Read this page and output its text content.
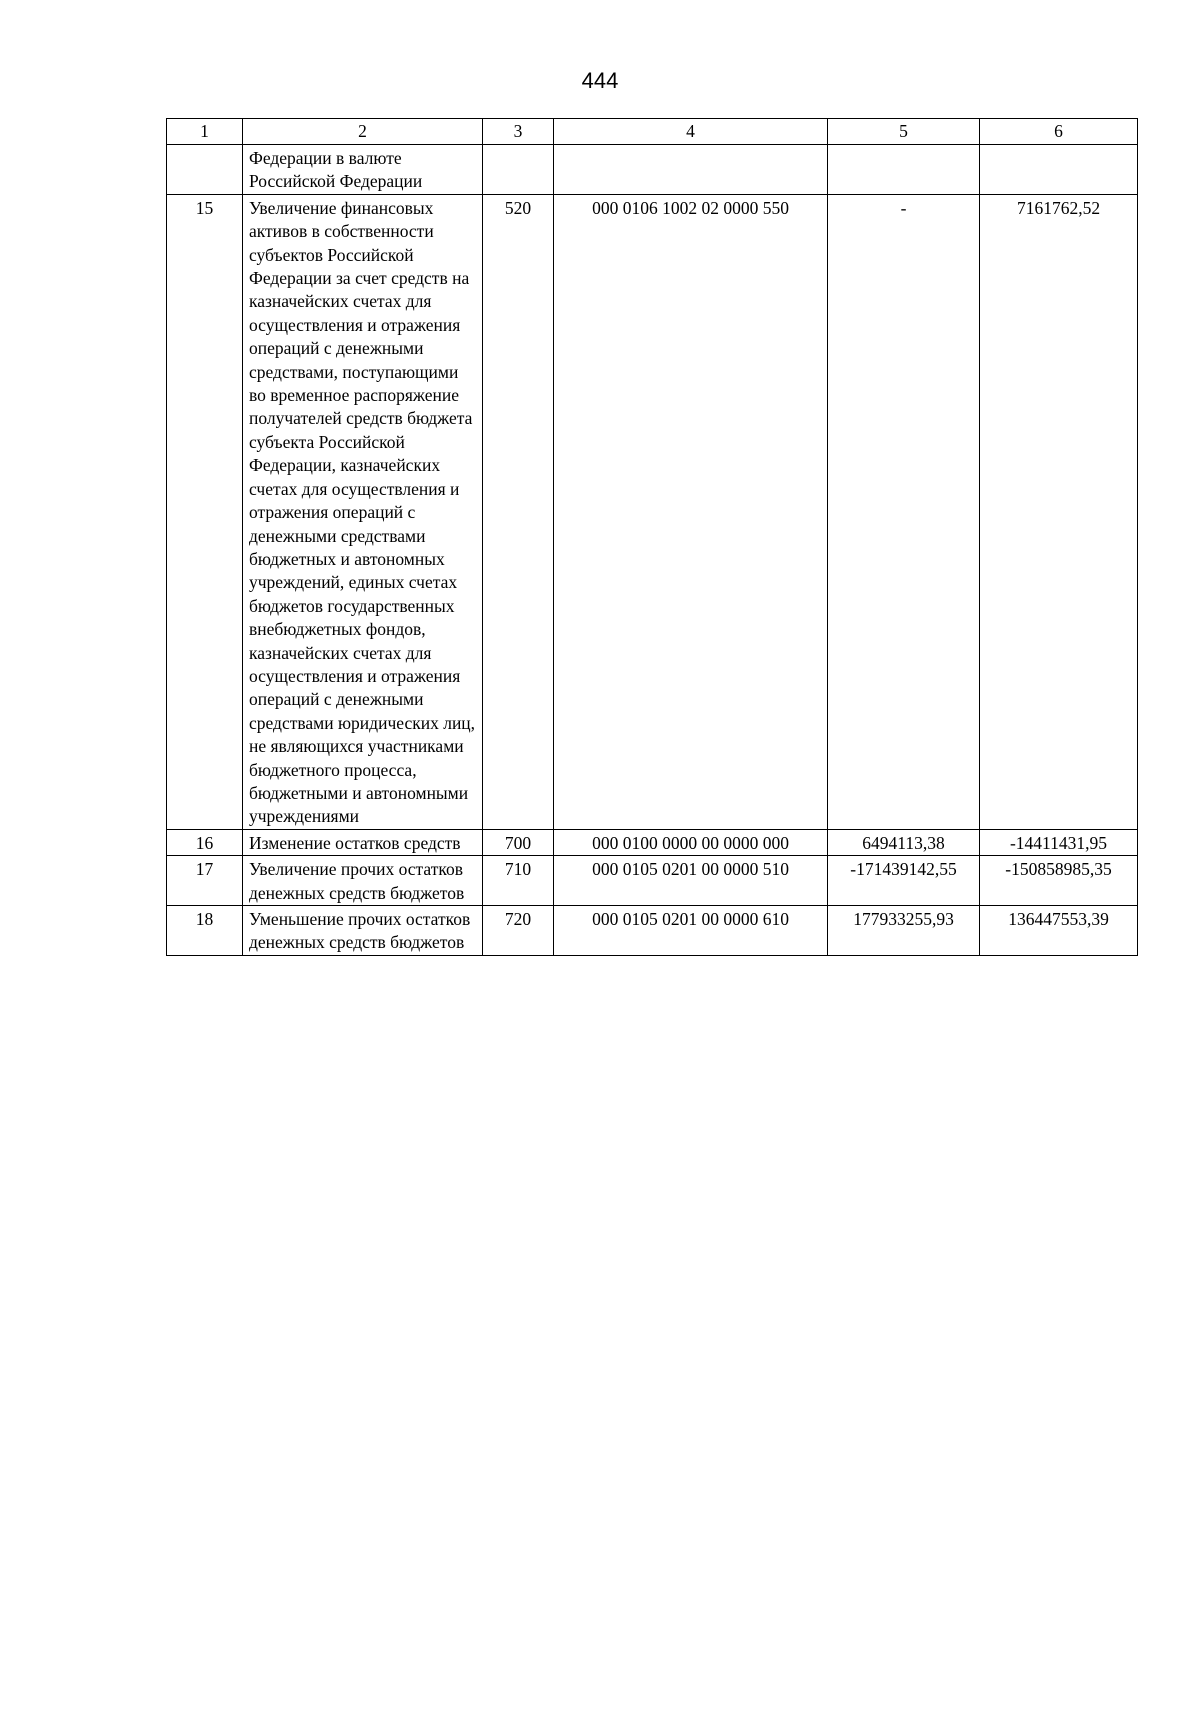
444
1	2	3	4	5	6
	Федерации в валюте Российской Федерации				
15	Увеличение финансовых активов в собственности субъектов Российской Федерации за счет средств на казначейских счетах для осуществления и отражения операций с денежными средствами, поступающими во временное распоряжение получателей средств бюджета субъекта Российской Федерации, казначейских счетах для осуществления и отражения операций с денежными средствами бюджетных и автономных учреждений, единых счетах бюджетов государственных внебюджетных фондов, казначейских счетах для осуществления и отражения операций с денежными средствами юридических лиц, не являющихся участниками бюджетного процесса, бюджетными и автономными учреждениями	520	000 0106 1002 02 0000 550	-	7161762,52
16	Изменение остатков средств	700	000 0100 0000 00 0000 000	6494113,38	-14411431,95
17	Увеличение прочих остатков денежных средств бюджетов	710	000 0105 0201 00 0000 510	-171439142,55	-150858985,35
18	Уменьшение прочих остатков денежных средств бюджетов	720	000 0105 0201 00 0000 610	177933255,93	136447553,39
